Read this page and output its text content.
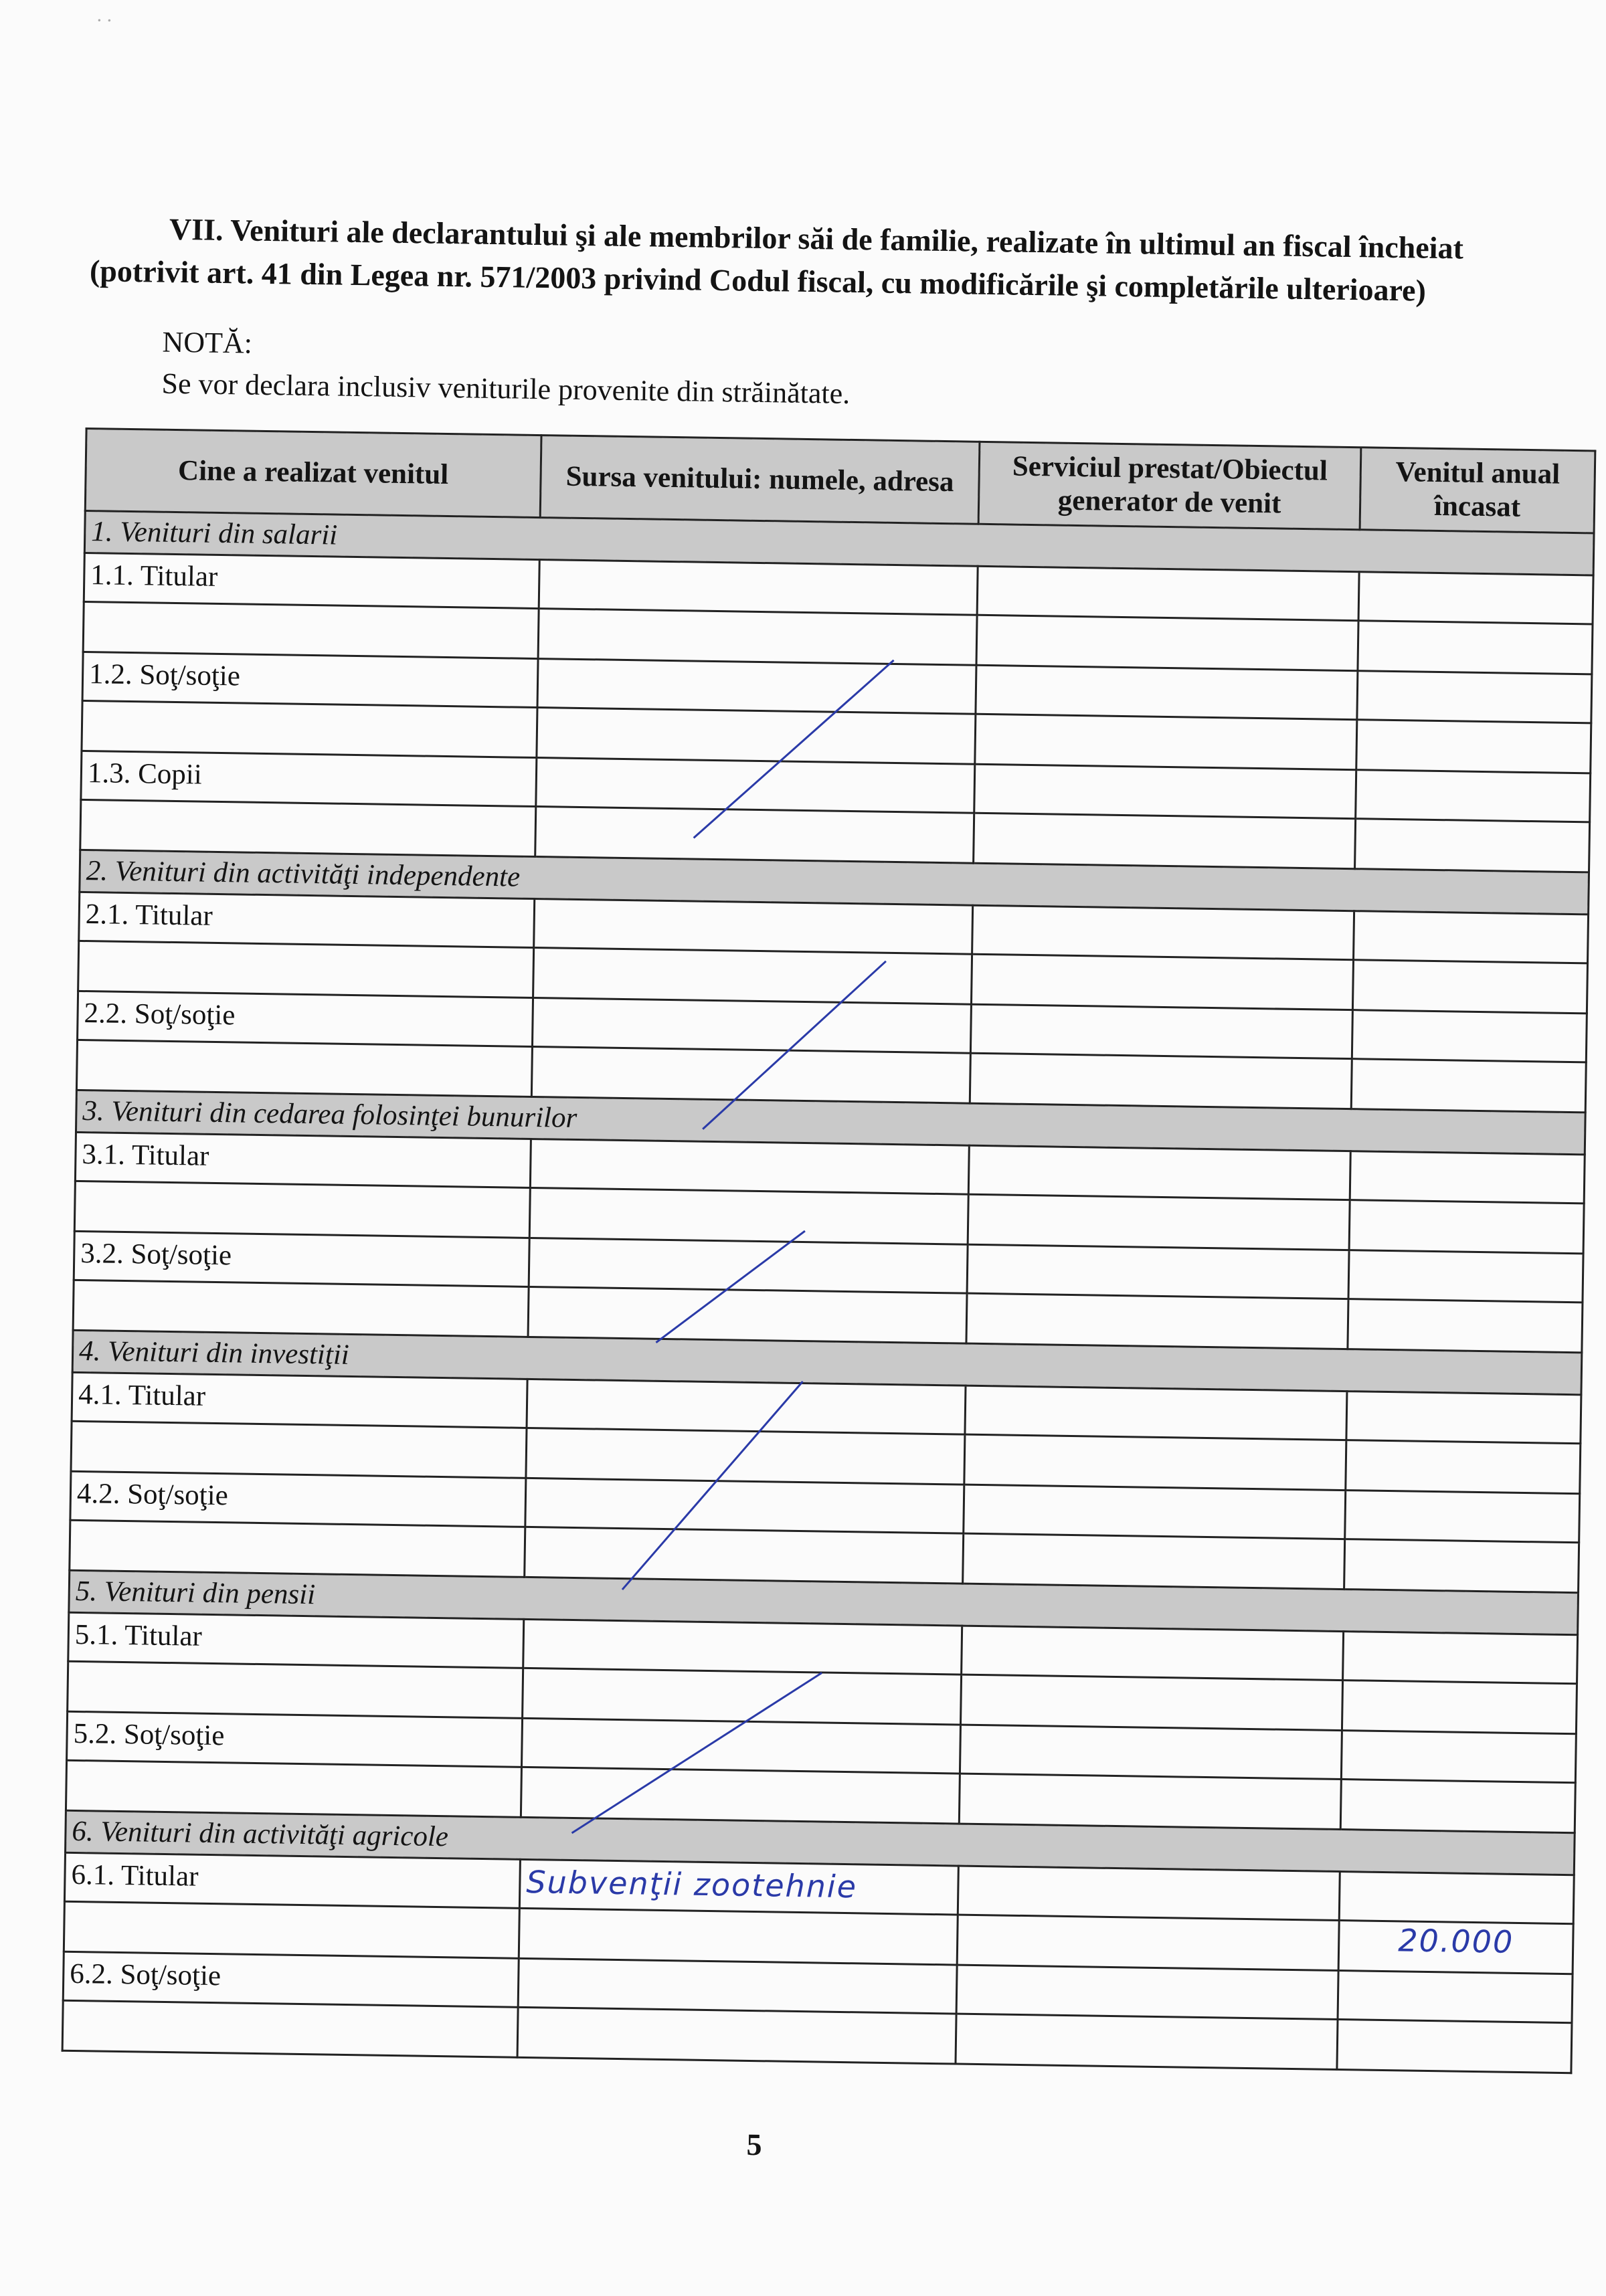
∙ ∙
VII. Venituri ale declarantului şi ale membrilor săi de familie, realizate în ultimul an fiscal încheiat
(potrivit art. 41 din Legea nr. 571/2003 privind Codul fiscal, cu modificările şi completările ulterioare)
NOTĂ:
Se vor declara inclusiv veniturile provenite din străinătate.
Cine a realizat venitul	Sursa venitului: numele, adresa	Serviciul prestat/Obiectul generator de venit	Venitul anual încasat
1. Venituri din salarii			
1.1. Titular			

1.2. Soţ/soţie			

1.3. Copii			

2. Venituri din activităţi independente			
2.1. Titular			

2.2. Soţ/soţie			

3. Venituri din cedarea folosinţei bunurilor			
3.1. Titular			

3.2. Soţ/soţie			

4. Venituri din investiţii			
4.1. Titular			

4.2. Soţ/soţie			

5. Venituri din pensii			
5.1. Titular			

5.2. Soţ/soţie			

6. Venituri din activităţi agricole			
6.1. Titular	Subvenţii zootehnie		
			20.000
6.2. Soţ/soţie			

5
